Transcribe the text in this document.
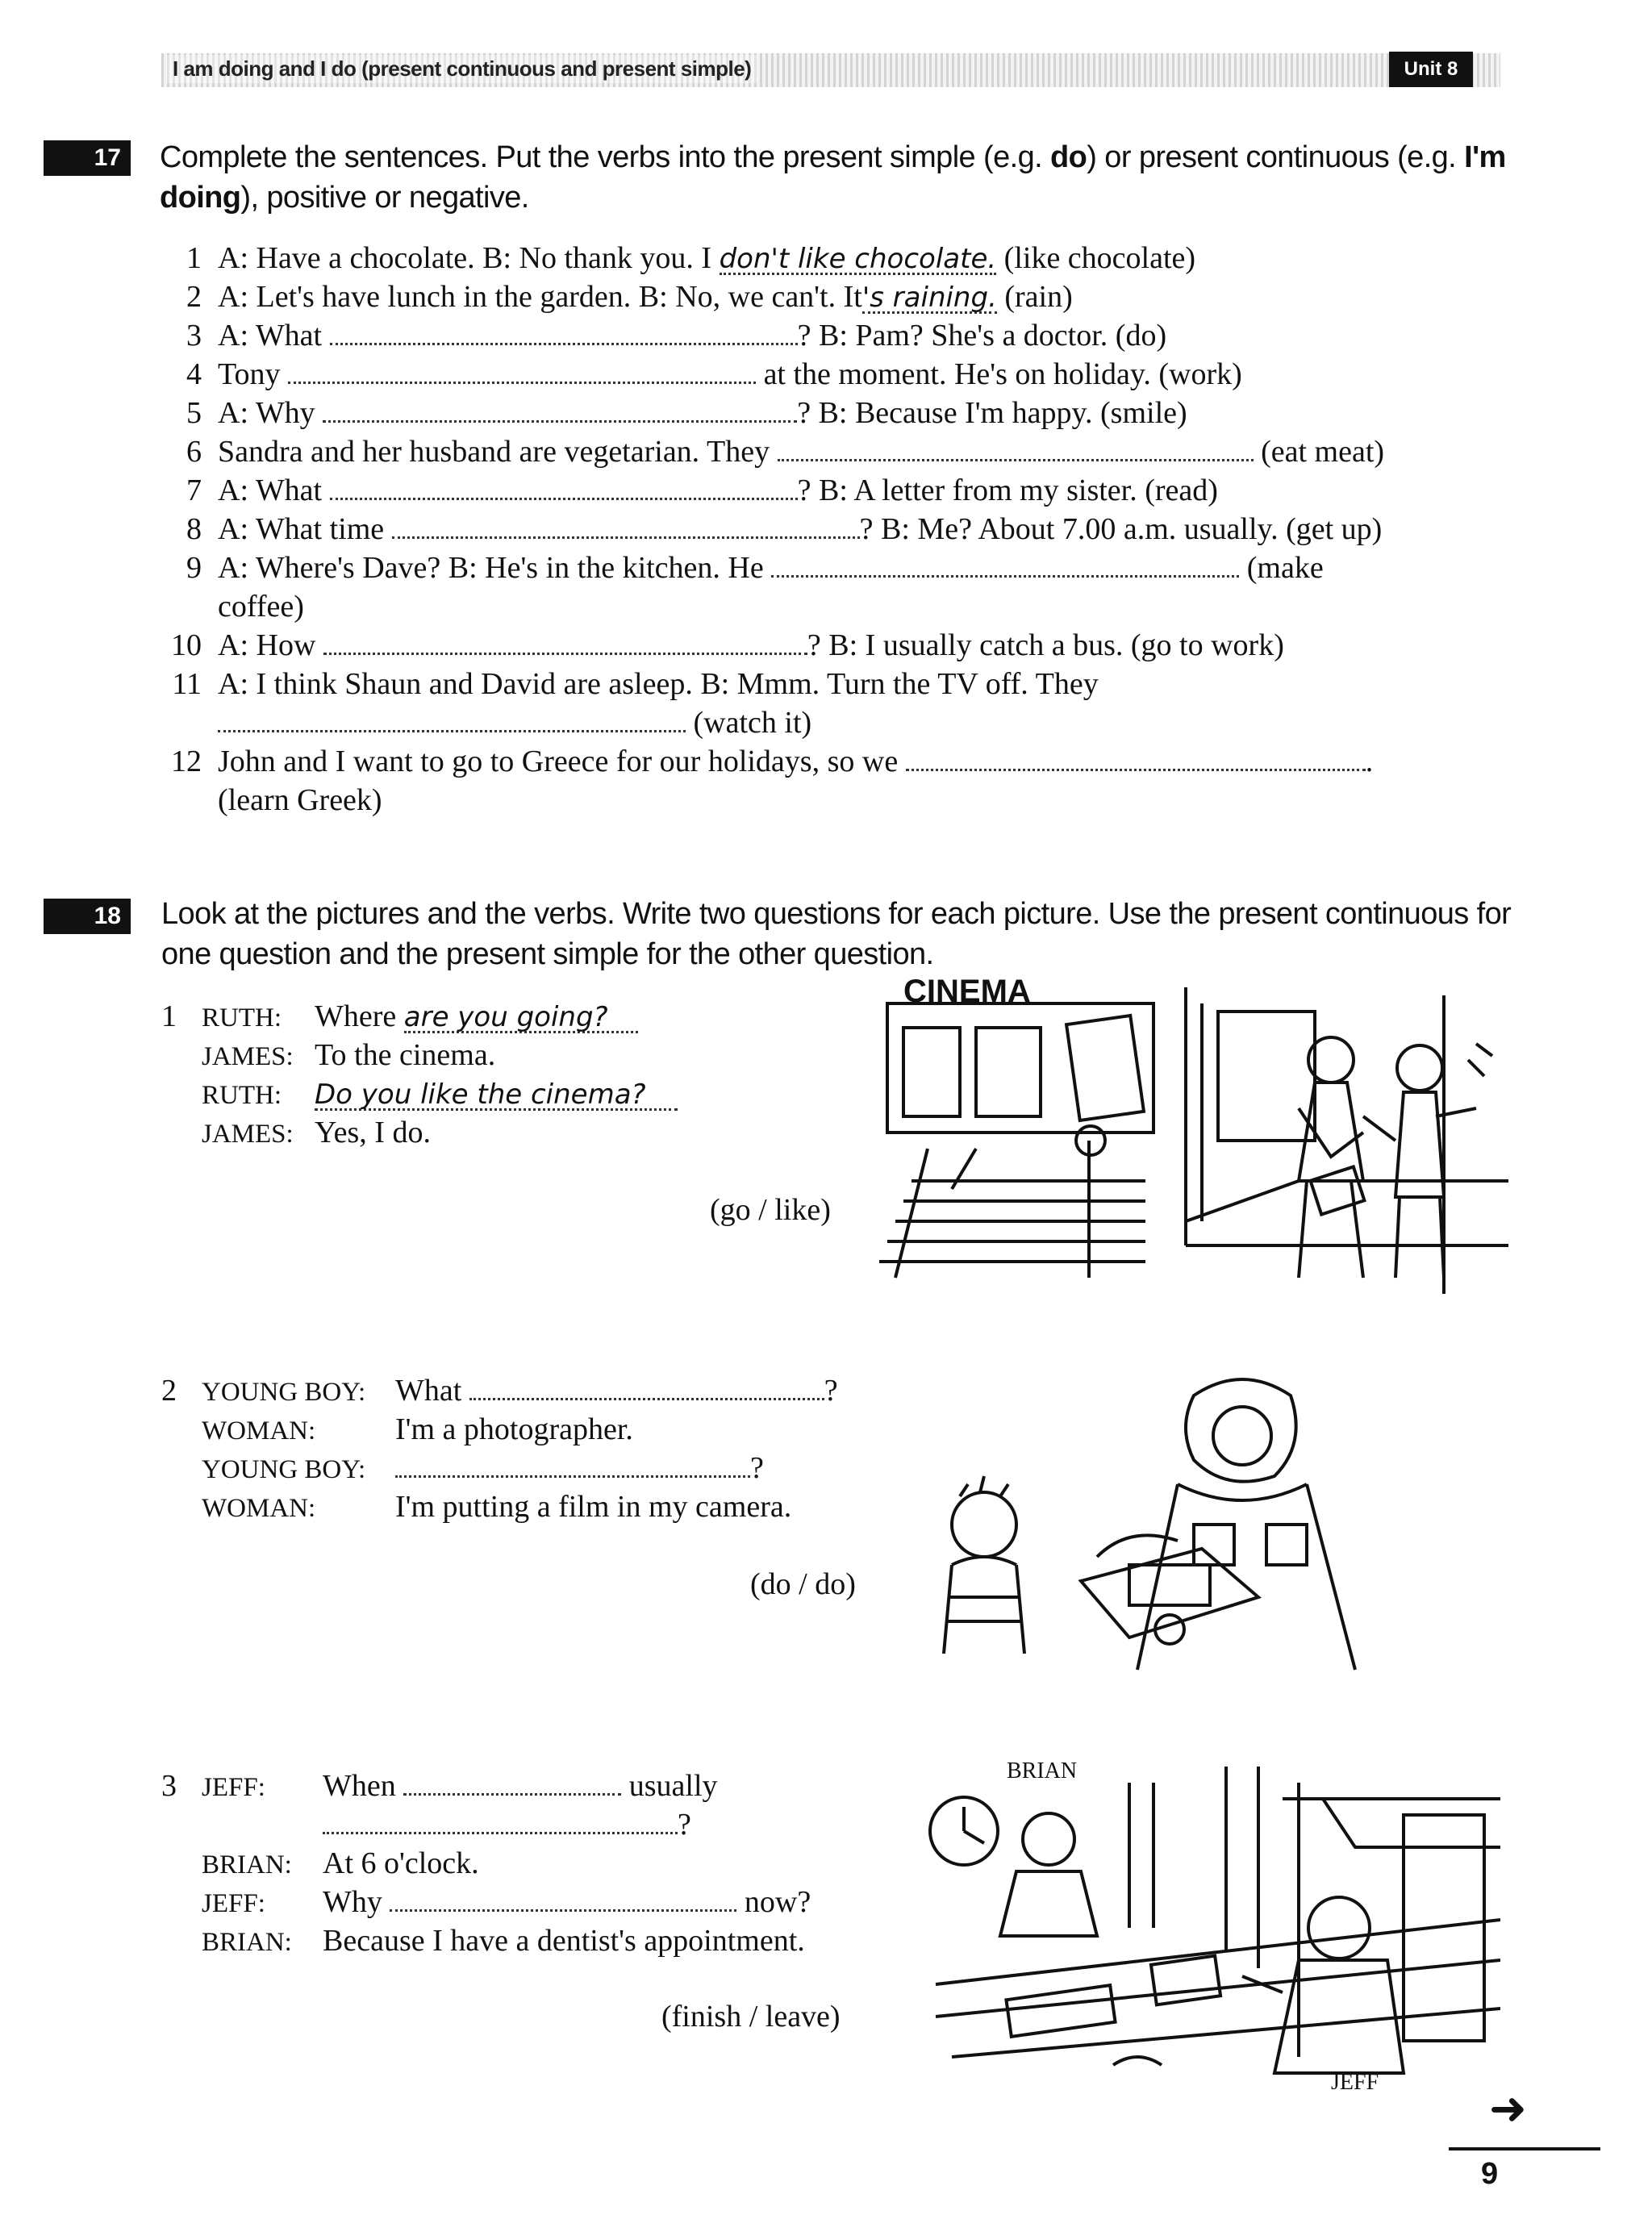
I am doing and I do (present continuous and present simple)	Unit 8
17	Complete the sentences. Put the verbs into the present simple (e.g. do) or present continuous (e.g. I'm doing), positive or negative.
1 A: Have a chocolate. B: No thank you. I don't like chocolate. (like chocolate)
2 A: Let's have lunch in the garden. B: No, we can't. It's raining. (rain)
3 A: What	? B: Pam? She's a doctor. (do)
4 Tony	at the moment. He's on holiday. (work)
5 A: Why	? B: Because I'm happy. (smile)
6 Sandra and her husband are vegetarian. They	(eat meat)
7 A: What	? B: A letter from my sister. (read)
8 A: What time	? B: Me? About 7.00 a.m. usually. (get up)
9 A: Where's Dave? B: He's in the kitchen. He	(make
coffee)
10 A: How	? B: I usually catch a bus. (go to work)
11 A: I think Shaun and David are asleep. B: Mmm. Turn the TV off. They
(watch it)
12 John and I want to go to Greece for our holidays, so we	.
(learn Greek)
18	Look at the pictures and the verbs. Write two questions for each picture. Use the present continuous for one question and the present simple for the other question.
1 RUTH: Where are you going?
JAMES: To the cinema.
RUTH: Do you like the cinema?
JAMES: Yes, I do.
(go / like)
CINEMA
2 YOUNG BOY: What	?
WOMAN:	I'm a photographer.
YOUNG BOY:	?
WOMAN:	I'm putting a film in my camera.
(do / do)
3 JEFF: When	usually
?
BRIAN: At 6 o'clock.
JEFF: Why	now?
BRIAN: Because I have a dentist's appointment.
(finish / leave)
BRIAN
JEFF
➜
9
